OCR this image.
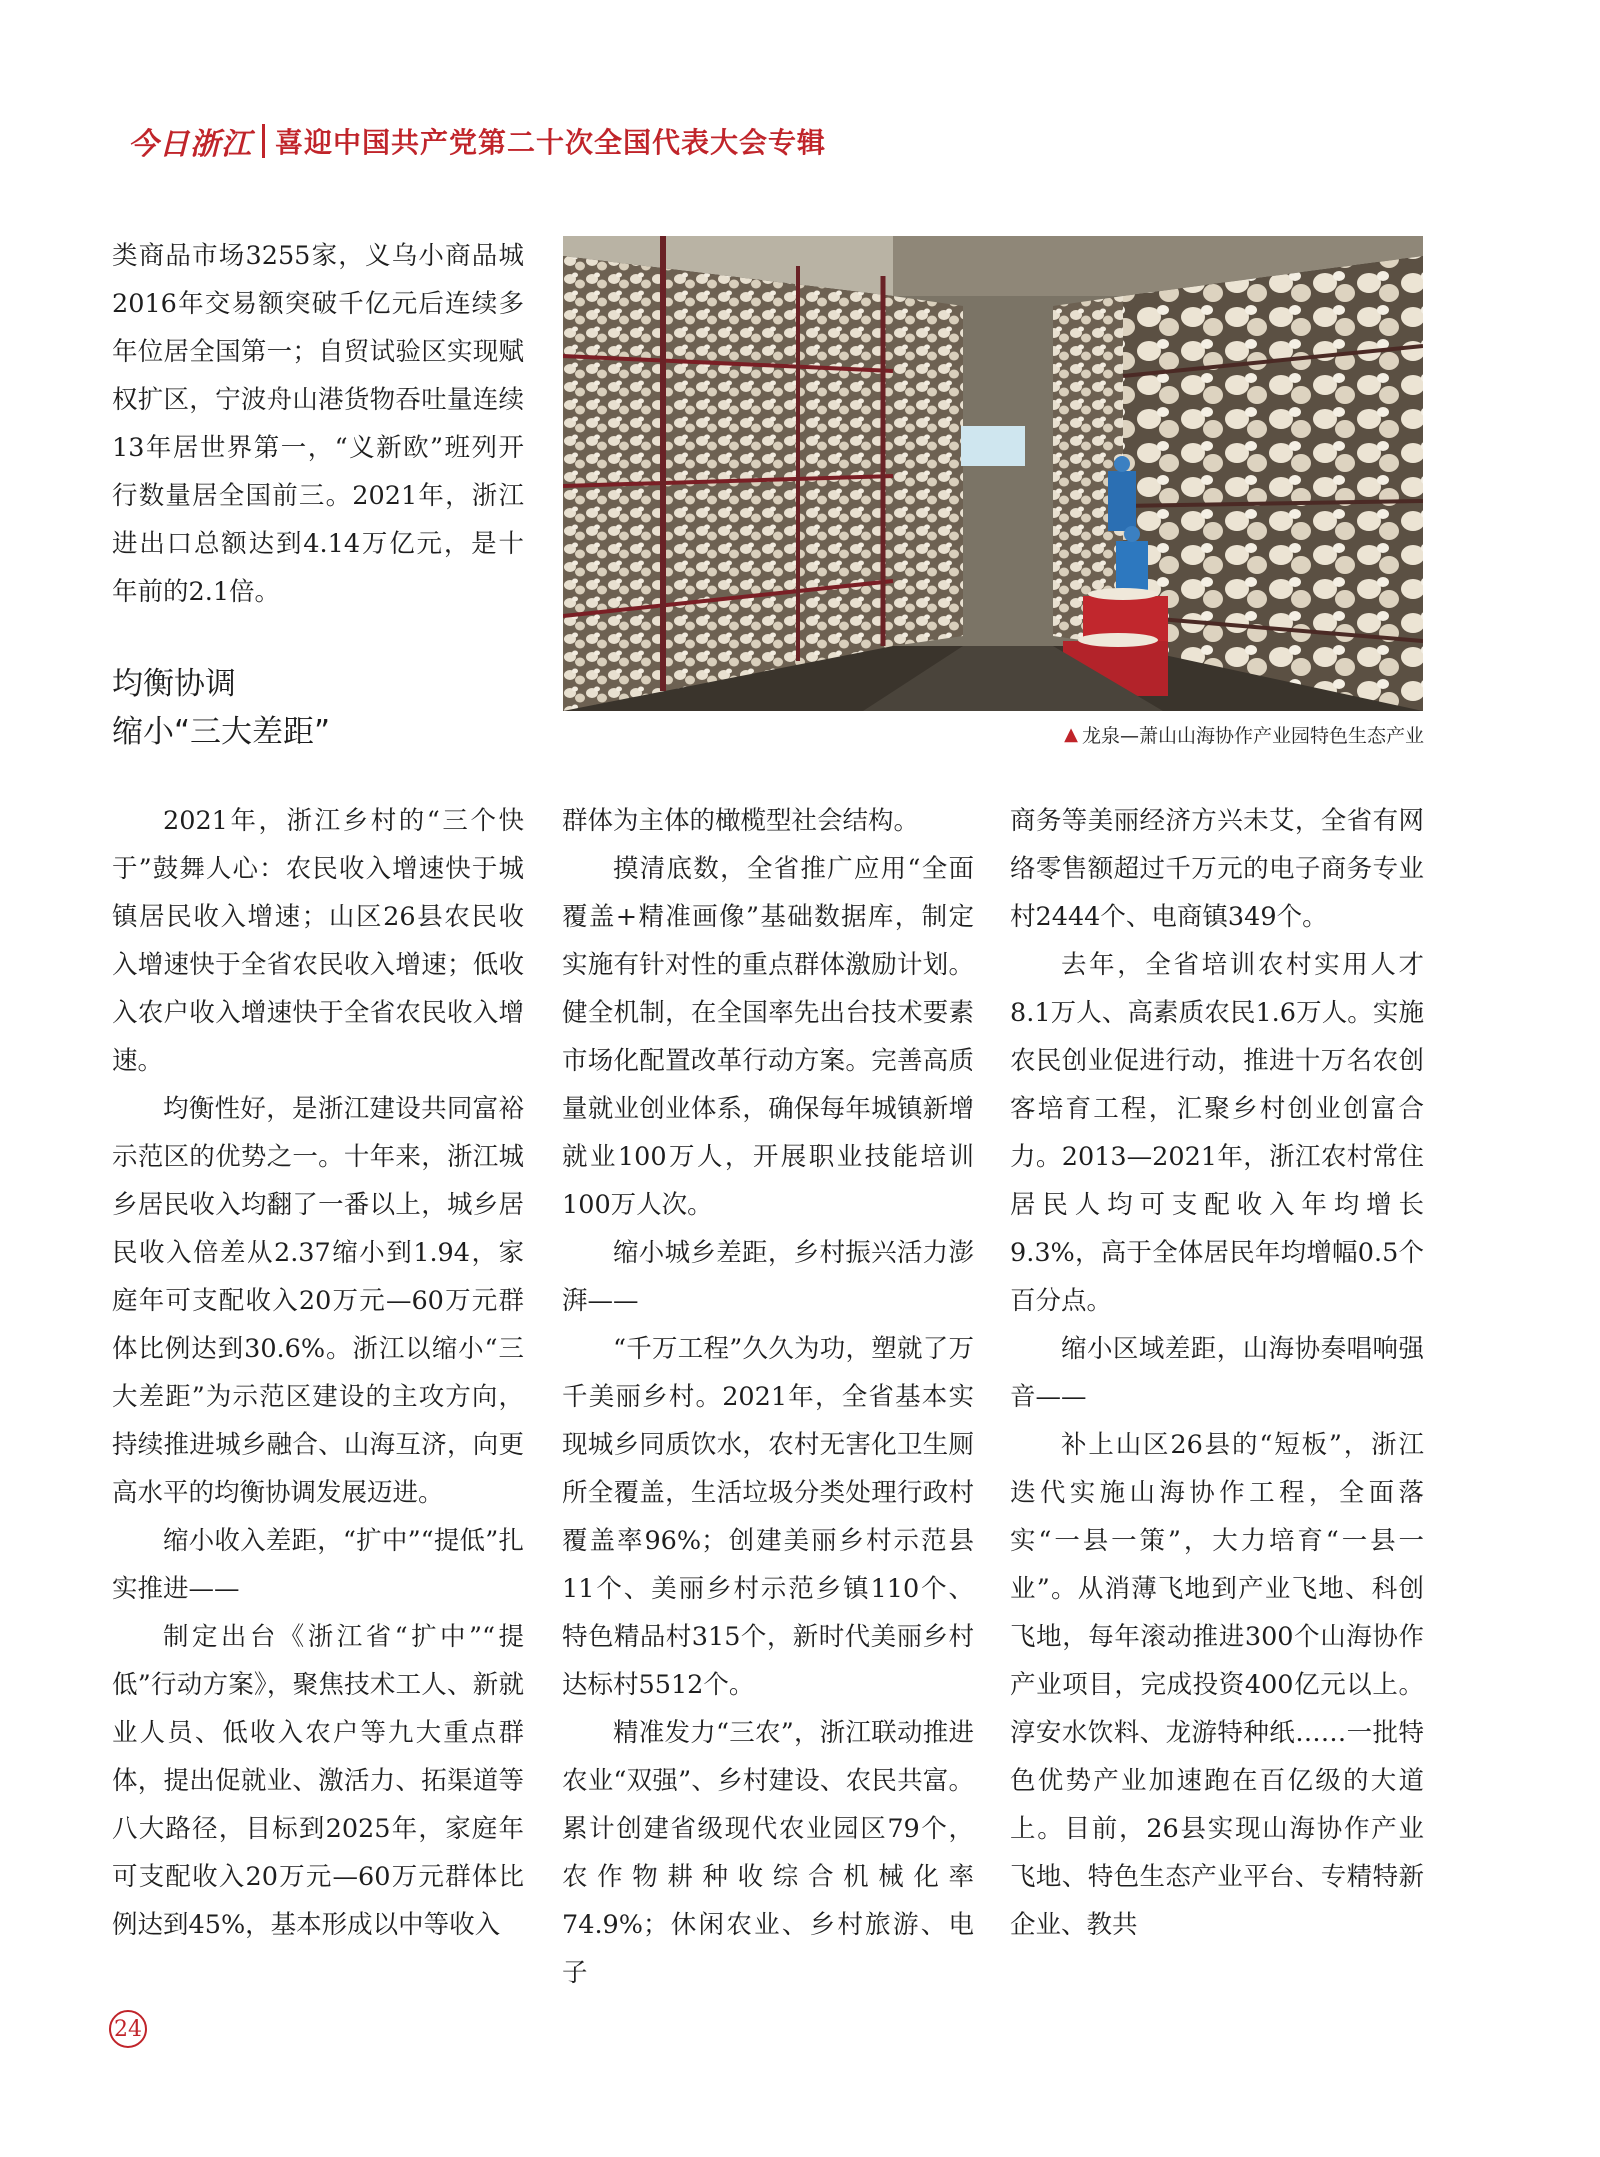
今日浙江 喜迎中国共产党第二十次全国代表大会专辑

类商品市场3255家，义乌小商品城2016年交易额突破千亿元后连续多年位居全国第一；自贸试验区实现赋权扩区，宁波舟山港货物吞吐量连续13年居世界第一，“义新欧”班列开行数量居全国前三。2021年，浙江进出口总额达到4.14万亿元，是十年前的2.1倍。

均衡协调
缩小“三大差距”	▲ 龙泉—萧山山海协作产业园特色生态产业

2021年，浙江乡村的“三个快于”鼓舞人心：农民收入增速快于城镇居民收入增速；山区26县农民收入增速快于全省农民收入增速；低收入农户收入增速快于全省农民收入增速。

均衡性好，是浙江建设共同富裕示范区的优势之一。十年来，浙江城乡居民收入均翻了一番以上，城乡居民收入倍差从2.37缩小到1.94，家庭年可支配收入20万元—60万元群体比例达到30.6%。浙江以缩小“三大差距”为示范区建设的主攻方向，持续推进城乡融合、山海互济，向更高水平的均衡协调发展迈进。

缩小收入差距，“扩中”“提低”扎实推进——

制定出台《浙江省“扩中”“提低”行动方案》，聚焦技术工人、新就业人员、低收入农户等九大重点群体，提出促就业、激活力、拓渠道等八大路径，目标到2025年，家庭年可支配收入20万元—60万元群体比例达到45%，基本形成以中等收入

群体为主体的橄榄型社会结构。

摸清底数，全省推广应用“全面覆盖+精准画像”基础数据库，制定实施有针对性的重点群体激励计划。健全机制，在全国率先出台技术要素市场化配置改革行动方案。完善高质量就业创业体系，确保每年城镇新增就业100万人，开展职业技能培训100万人次。

缩小城乡差距，乡村振兴活力澎湃——

“千万工程”久久为功，塑就了万千美丽乡村。2021年，全省基本实现城乡同质饮水，农村无害化卫生厕所全覆盖，生活垃圾分类处理行政村覆盖率96%；创建美丽乡村示范县11个、美丽乡村示范乡镇110个、特色精品村315个，新时代美丽乡村达标村5512个。

精准发力“三农”，浙江联动推进农业“双强”、乡村建设、农民共富。累计创建省级现代农业园区79个，农作物耕种收综合机械化率74.9%；休闲农业、乡村旅游、电子

商务等美丽经济方兴未艾，全省有网络零售额超过千万元的电子商务专业村2444个、电商镇349个。

去年，全省培训农村实用人才8.1万人、高素质农民1.6万人。实施农民创业促进行动，推进十万名农创客培育工程，汇聚乡村创业创富合力。2013—2021年，浙江农村常住居民人均可支配收入年均增长9.3%，高于全体居民年均增幅0.5个百分点。

缩小区域差距，山海协奏唱响强音——

补上山区26县的“短板”，浙江迭代实施山海协作工程，全面落实“一县一策”，大力培育“一县一业”。从消薄飞地到产业飞地、科创飞地，每年滚动推进300个山海协作产业项目，完成投资400亿元以上。淳安水饮料、龙游特种纸……一批特色优势产业加速跑在百亿级的大道上。目前，26县实现山海协作产业飞地、特色生态产业平台、专精特新企业、教共

24
